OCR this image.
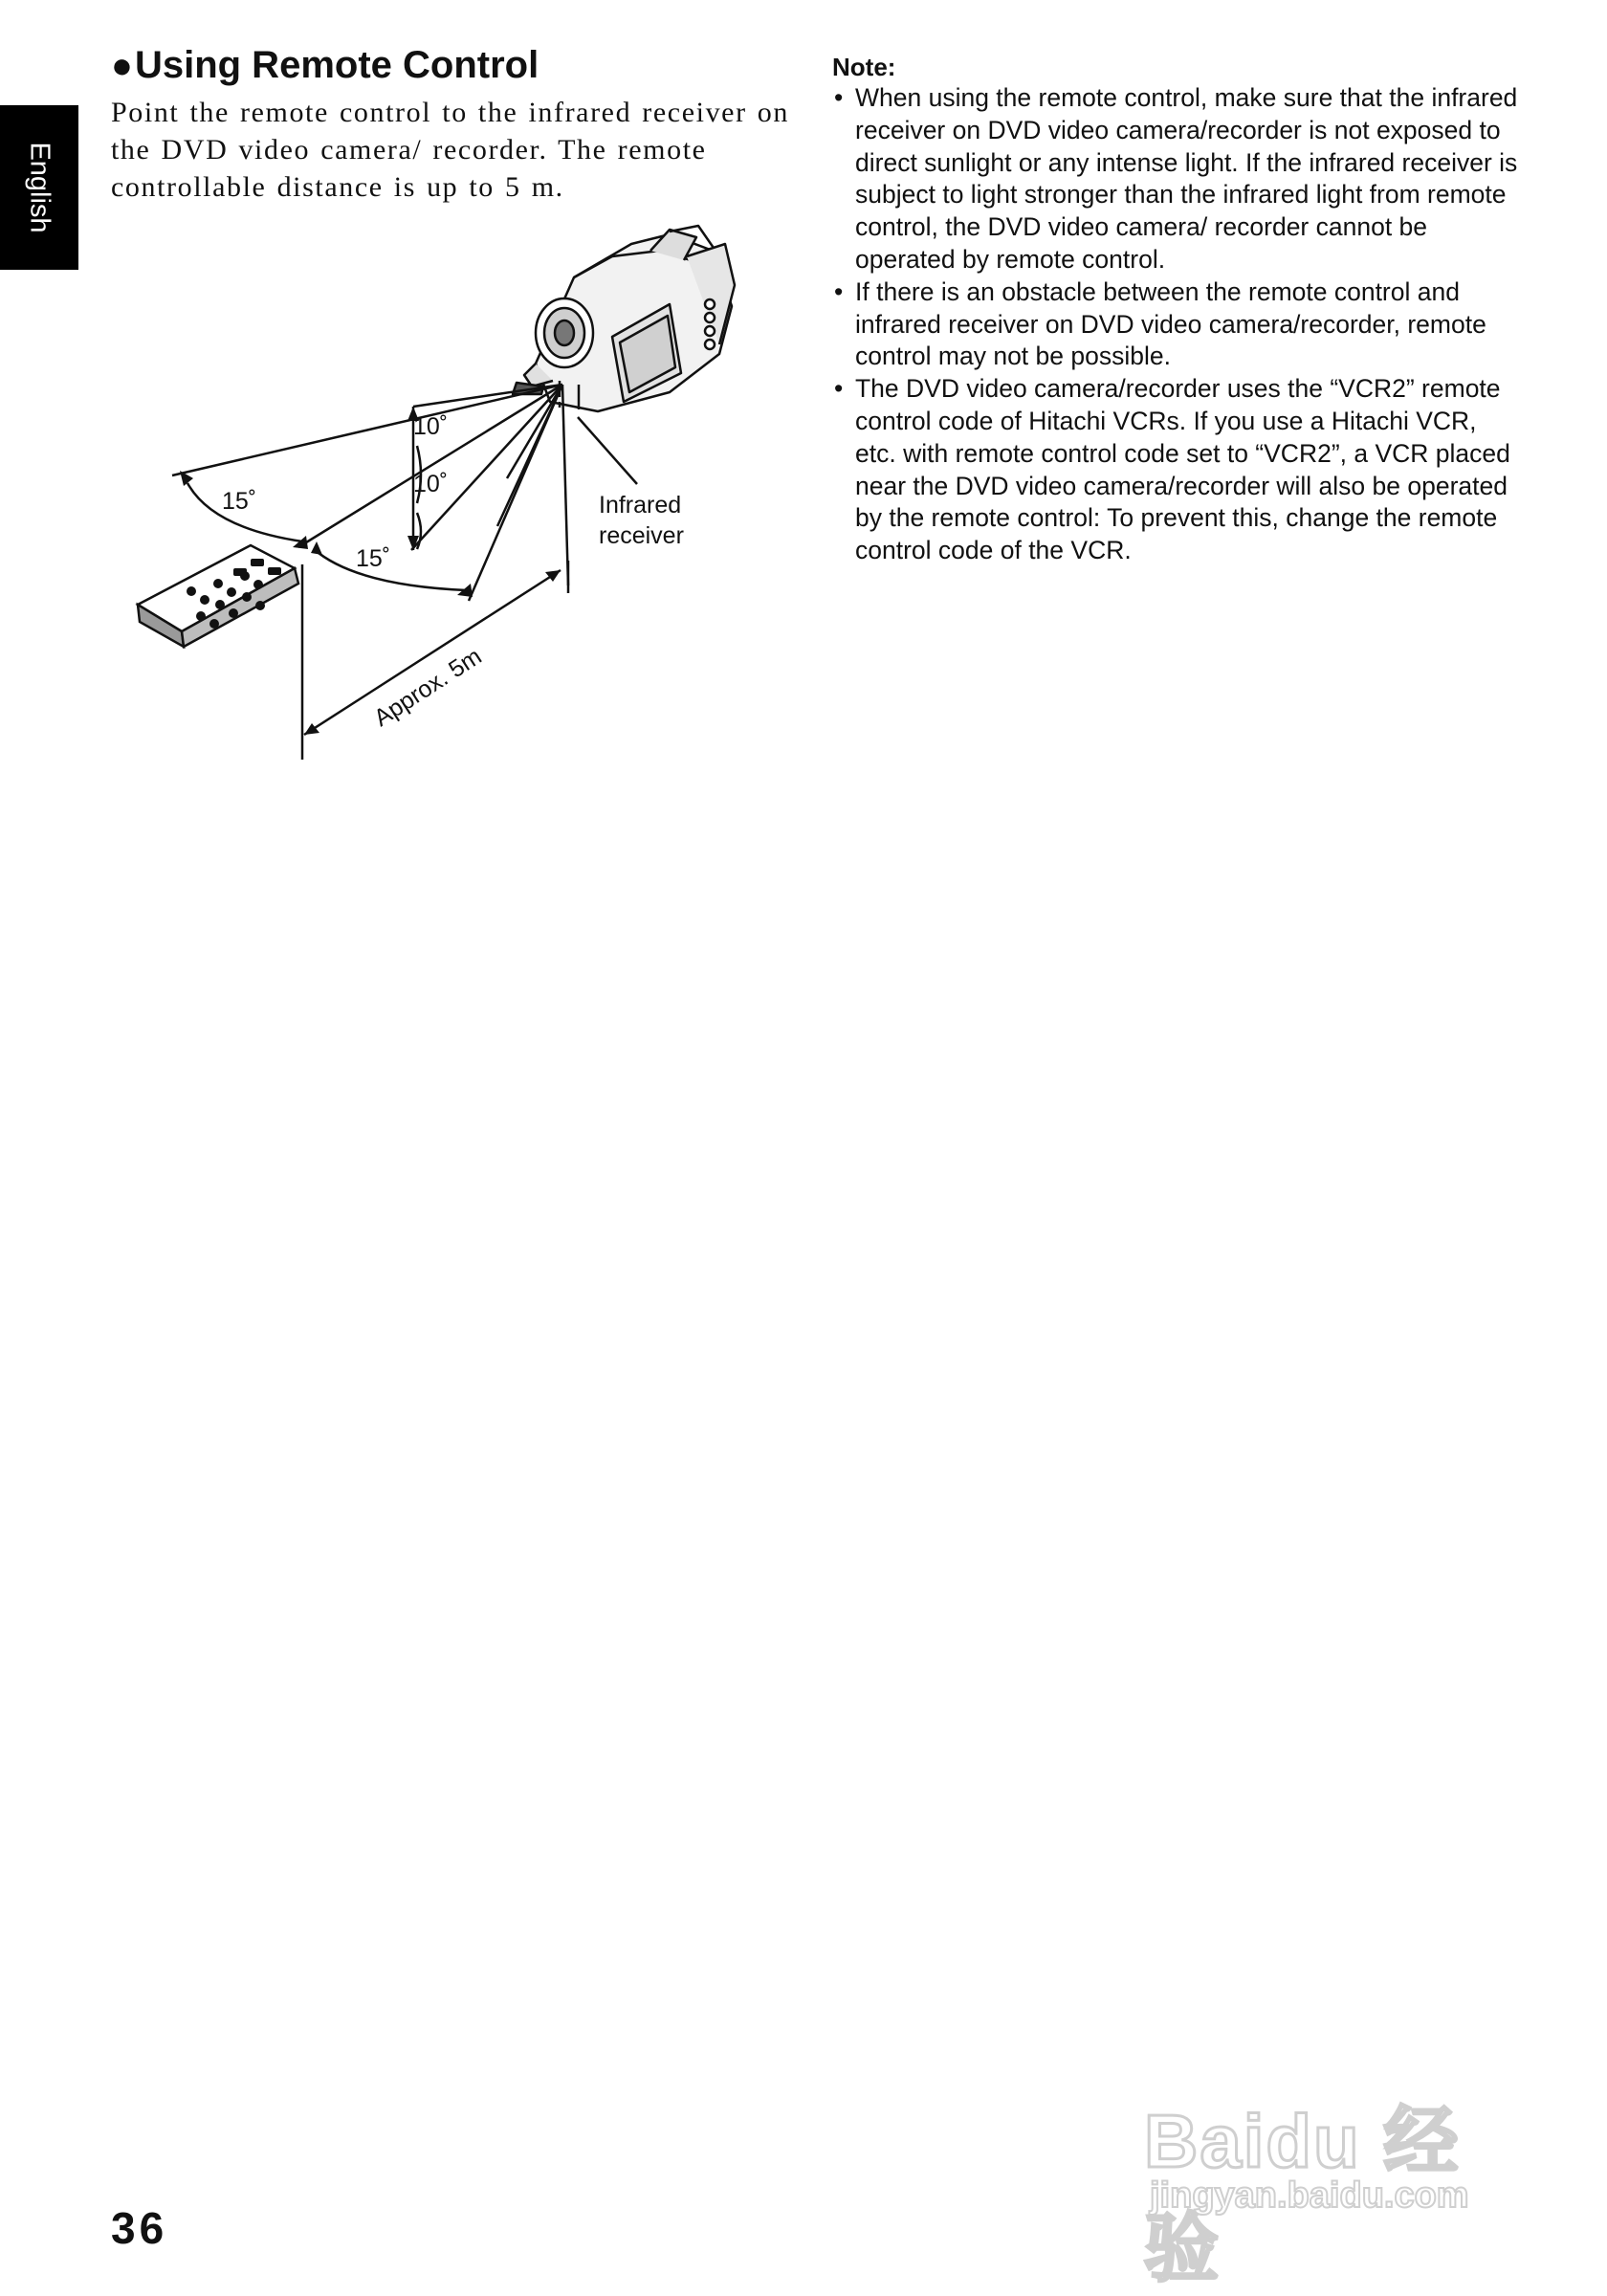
English
●Using Remote Control

Point the remote control to the infrared receiver on the DVD video camera/ recorder. The remote controllable distance is up to 5 m.

10˚
10˚
15˚
15˚
Infrared
receiver
Approx. 5m

Note:

• When using the remote control, make sure that the infrared receiver on DVD video camera/recorder is not exposed to direct sunlight or any intense light. If the infrared receiver is subject to light stronger than the infrared light from remote control, the DVD video camera/ recorder cannot be operated by remote control.
• If there is an obstacle between the remote control and infrared receiver on DVD video camera/recorder, remote control may not be possible.
• The DVD video camera/recorder uses the “VCR2” remote control code of Hitachi VCRs. If you use a Hitachi VCR, etc. with remote control code set to “VCR2”, a VCR placed near the DVD video camera/recorder will also be operated by the remote control: To prevent this, change the remote control code of the VCR.

36

Baidu 经验
jingyan.baidu.com
